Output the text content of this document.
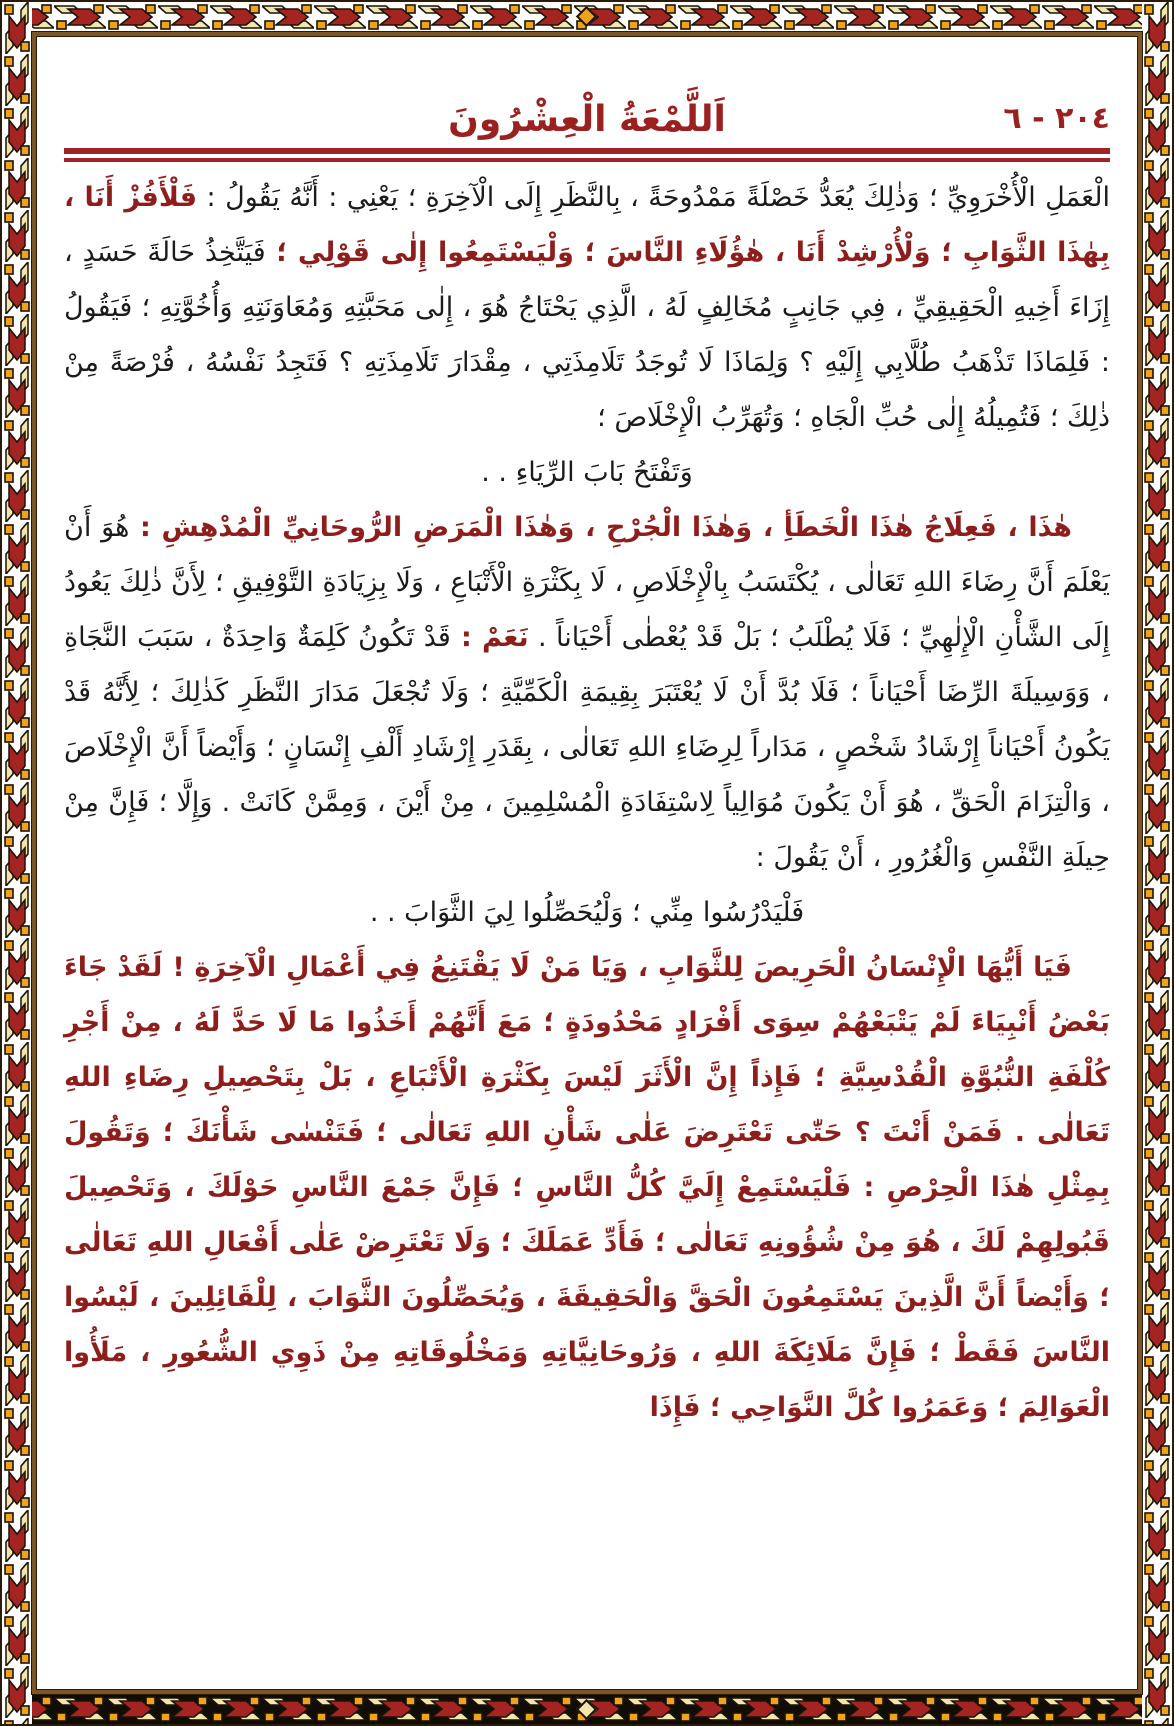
٢٠٤ - ٦
اَللَّمْعَةُ الْعِشْرُونَ

الْعَمَلِ الْأُخْرَوِيِّ ؛ وَذٰلِكَ يُعَدُّ خَصْلَةً مَمْدُوحَةً ، بِالنَّظَرِ إِلَى الْآخِرَةِ ؛ يَعْنِي : أَنَّهُ يَقُولُ : فَلْأَفُزْ أَنَا ، بِهٰذَا الثَّوَابِ ؛ وَلْأُرْشِدْ أَنَا ، هٰؤُلَاءِ النَّاسَ ؛ وَلْيَسْتَمِعُوا إِلٰى قَوْلِي ؛ فَيَتَّخِذُ حَالَةَ حَسَدٍ ، إِزَاءَ أَخِيهِ الْحَقِيقِيِّ ، فِي جَانِبٍ مُخَالِفٍ لَهُ ، الَّذِي يَحْتَاجُ هُوَ ، إِلٰى مَحَبَّتِهِ وَمُعَاوَنَتِهِ وَأُخُوَّتِهِ ؛ فَيَقُولُ : فَلِمَاذَا تَذْهَبُ طُلَّابِي إِلَيْهِ ؟ وَلِمَاذَا لَا تُوجَدُ تَلَامِذَتِي ، مِقْدَارَ تَلَامِذَتِهِ ؟ فَتَجِدُ نَفْسُهُ ، فُرْصَةً مِنْ ذٰلِكَ ؛ فَتُمِيلُهُ إِلٰى حُبِّ الْجَاهِ ؛ وَتُهَرِّبُ الْإِخْلَاصَ ؛

وَتَفْتَحُ بَابَ الرِّيَاءِ . .

هٰذَا ، فَعِلَاجُ هٰذَا الْخَطَأِ ، وَهٰذَا الْجُرْحِ ، وَهٰذَا الْمَرَضِ الرُّوحَانِيِّ الْمُدْهِشِ : هُوَ أَنْ يَعْلَمَ أَنَّ رِضَاءَ اللهِ تَعَالٰى ، يُكْتَسَبُ بِالْإِخْلَاصِ ، لَا بِكَثْرَةِ الْأَتْبَاعِ ، وَلَا بِزِيَادَةِ التَّوْفِيقِ ؛ لِأَنَّ ذٰلِكَ يَعُودُ إِلَى الشَّأْنِ الْإِلٰهِيِّ ؛ فَلَا يُطْلَبُ ؛ بَلْ قَدْ يُعْطٰى أَحْيَاناً . نَعَمْ : قَدْ تَكُونُ كَلِمَةٌ وَاحِدَةٌ ، سَبَبَ النَّجَاةِ ، وَوَسِيلَةَ الرِّضَا أَحْيَاناً ؛ فَلَا بُدَّ أَنْ لَا يُعْتَبَرَ بِقِيمَةِ الْكَمِّيَّةِ ؛ وَلَا تُجْعَلَ مَدَارَ النَّظَرِ كَذٰلِكَ ؛ لِأَنَّهُ قَدْ يَكُونُ أَحْيَاناً إِرْشَادُ شَخْصٍ ، مَدَاراً لِرِضَاءِ اللهِ تَعَالٰى ، بِقَدَرِ إِرْشَادِ أَلْفِ إِنْسَانٍ ؛ وَأَيْضاً أَنَّ الْإِخْلَاصَ ، وَالْتِزَامَ الْحَقِّ ، هُوَ أَنْ يَكُونَ مُوَالِياً لِاسْتِفَادَةِ الْمُسْلِمِينَ ، مِنْ أَيْنَ ، وَمِمَّنْ كَانَتْ . وَإِلَّا ؛ فَإِنَّ مِنْ حِيلَةِ النَّفْسِ وَالْغُرُورِ ، أَنْ يَقُولَ :

فَلْيَدْرُسُوا مِنِّي ؛ وَلْيُحَصِّلُوا لِيَ الثَّوَابَ . .

فَيَا أَيُّهَا الْإِنْسَانُ الْحَرِيصَ لِلثَّوَابِ ، وَيَا مَنْ لَا يَقْتَنِعُ فِي أَعْمَالِ الْآخِرَةِ ! لَقَدْ جَاءَ بَعْضُ أَنْبِيَاءَ لَمْ يَتْبَعْهُمْ سِوَى أَفْرَادٍ مَحْدُودَةٍ ؛ مَعَ أَنَّهُمْ أَخَذُوا مَا لَا حَدَّ لَهُ ، مِنْ أَجْرِ كُلْفَةِ النُّبُوَّةِ الْقُدْسِيَّةِ ؛ فَإِذاً إِنَّ الْأَثَرَ لَيْسَ بِكَثْرَةِ الْأَتْبَاعِ ، بَلْ بِتَحْصِيلِ رِضَاءِ اللهِ تَعَالٰى . فَمَنْ أَنْتَ ؟ حَتّٰى تَعْتَرِضَ عَلٰى شَأْنِ اللهِ تَعَالٰى ؛ فَتَنْسٰى شَأْنَكَ ؛ وَتَقُولَ بِمِثْلِ هٰذَا الْحِرْصِ : فَلْيَسْتَمِعْ إِلَيَّ كُلُّ النَّاسِ ؛ فَإِنَّ جَمْعَ النَّاسِ حَوْلَكَ ، وَتَحْصِيلَ قَبُولِهِمْ لَكَ ، هُوَ مِنْ شُؤُونِهِ تَعَالٰى ؛ فَأَدِّ عَمَلَكَ ؛ وَلَا تَعْتَرِضْ عَلٰى أَفْعَالِ اللهِ تَعَالٰى ؛ وَأَيْضاً أَنَّ الَّذِينَ يَسْتَمِعُونَ الْحَقَّ وَالْحَقِيقَةَ ، وَيُحَصِّلُونَ الثَّوَابَ ، لِلْقَائِلِينَ ، لَيْسُوا النَّاسَ فَقَطْ ؛ فَإِنَّ مَلَائِكَةَ اللهِ ، وَرُوحَانِيَّاتِهِ وَمَخْلُوقَاتِهِ مِنْ ذَوِي الشُّعُورِ ، مَلَأُوا الْعَوَالِمَ ؛ وَعَمَرُوا كُلَّ النَّوَاحِي ؛ فَإِذَا
